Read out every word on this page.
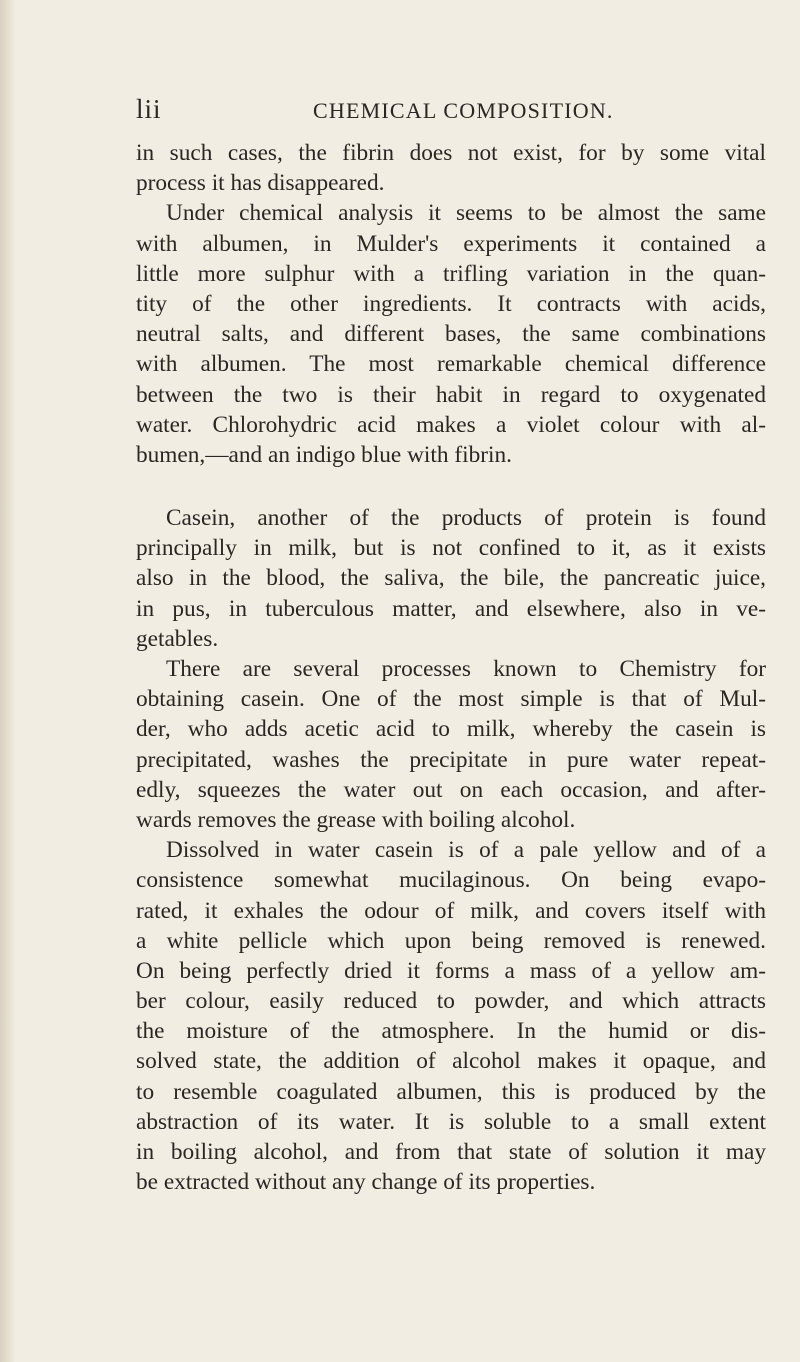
lii	CHEMICAL COMPOSITION.
in such cases, the fibrin does not exist, for by some vital
process it has disappeared.
Under chemical analysis it seems to be almost the same
with albumen, in Mulder's experiments it contained a
little more sulphur with a trifling variation in the quan-
tity of the other ingredients. It contracts with acids,
neutral salts, and different bases, the same combinations
with albumen. The most remarkable chemical difference
between the two is their habit in regard to oxygenated
water. Chlorohydric acid makes a violet colour with al-
bumen,—and an indigo blue with fibrin.
Casein, another of the products of protein is found
principally in milk, but is not confined to it, as it exists
also in the blood, the saliva, the bile, the pancreatic juice,
in pus, in tuberculous matter, and elsewhere, also in ve-
getables.
There are several processes known to Chemistry for
obtaining casein. One of the most simple is that of Mul-
der, who adds acetic acid to milk, whereby the casein is
precipitated, washes the precipitate in pure water repeat-
edly, squeezes the water out on each occasion, and after-
wards removes the grease with boiling alcohol.
Dissolved in water casein is of a pale yellow and of a
consistence somewhat mucilaginous. On being evapo-
rated, it exhales the odour of milk, and covers itself with
a white pellicle which upon being removed is renewed.
On being perfectly dried it forms a mass of a yellow am-
ber colour, easily reduced to powder, and which attracts
the moisture of the atmosphere. In the humid or dis-
solved state, the addition of alcohol makes it opaque, and
to resemble coagulated albumen, this is produced by the
abstraction of its water. It is soluble to a small extent
in boiling alcohol, and from that state of solution it may
be extracted without any change of its properties.
